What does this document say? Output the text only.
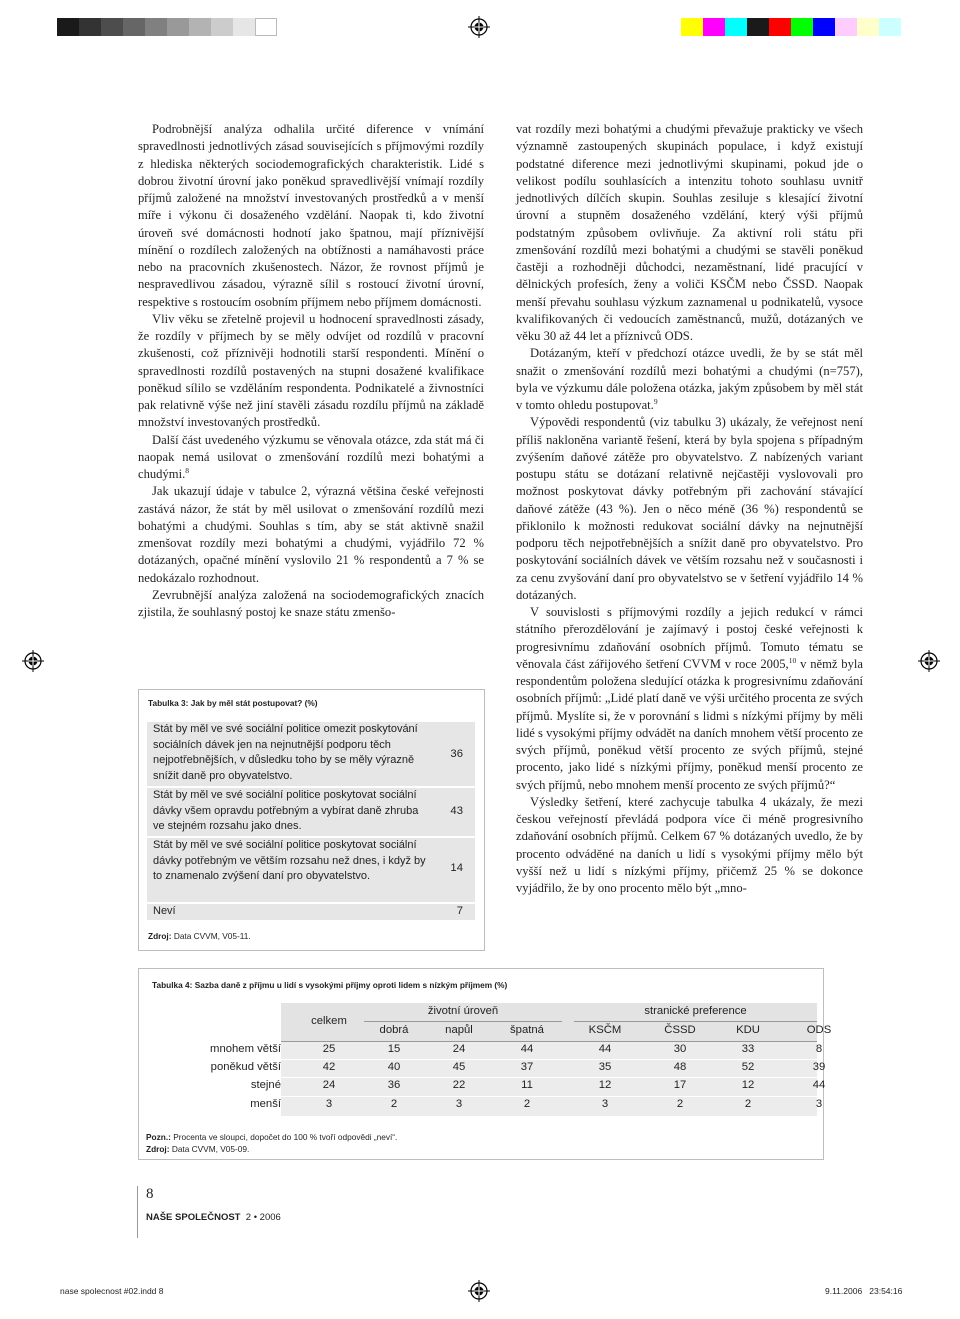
Podrobnější analýza odhalila určité diference v vnímání spravedlnosti jednotlivých zásad souvisejících s příjmovými rozdíly z hlediska některých sociodemografických charakteristik. Lidé s dobrou životní úrovní jako poněkud spravedlivější vnímají rozdíly příjmů založené na množství investovaných prostředků a v menší míře i výkonu či dosaženého vzdělání. Naopak ti, kdo životní úroveň své domácnosti hodnotí jako špatnou, mají příznivější mínění o rozdílech založených na obtížnosti a namáhavosti práce nebo na pracovních zkušenostech. Názor, že rovnost příjmů je nespravedlivou zásadou, výrazně sílil s rostoucí životní úrovní, respektive s rostoucím osobním příjmem nebo příjmem domácnosti.

Vliv věku se zřetelně projevil u hodnocení spravedlnosti zásady, že rozdíly v příjmech by se měly odvíjet od rozdílů v pracovní zkušenosti, což příznivěji hodnotili starší respondenti. Mínění o spravedlnosti rozdílů postavených na stupni dosažené kvalifikace poněkud sílilo se vzděláním respondenta. Podnikatelé a živnostníci pak relativně výše než jiní stavěli zásadu rozdílu příjmů na základě množství investovaných prostředků.

Další část uvedeného výzkumu se věnovala otázce, zda stát má či naopak nemá usilovat o zmenšování rozdílů mezi bohatými a chudými.$^8$

Jak ukazují údaje v tabulce 2, výrazná většina české veřejnosti zastává názor, že stát by měl usilovat o zmenšování rozdílů mezi bohatými a chudými. Souhlas s tím, aby se stát aktivně snažil zmenšovat rozdíly mezi bohatými a chudými, vyjádřilo 72 % dotázaných, opačné mínění vyslovilo 21 % respondentů a 7 % se nedokázalo rozhodnout.

Zevrubnější analýza založená na sociodemografických znacích zjistila, že souhlasný postoj ke snaze státu zmenšo-

Tabulka 3: Jak by měl stát postupovat? (%)
Stát by měl ve své sociální politice omezit poskytování sociálních dávek jen na nejnutnější podporu těch nejpotřebnějších, v důsledku toho by se měly výrazně snížit daně pro obyvatelstvo.
36
Stát by měl ve své sociální politice poskytovat sociální dávky všem opravdu potřebným a vybírat daně zhruba ve stejném rozsahu jako dnes.
43
Stát by měl ve své sociální politice poskytovat sociální dávky potřebným ve větším rozsahu než dnes, i když by to znamenalo zvýšení daní pro obyvatelstvo.
14
Neví	7
Zdroj: Data CVVM, V05-11.

vat rozdíly mezi bohatými a chudými převažuje prakticky ve všech významně zastoupených skupinách populace, i když existují podstatné diference mezi jednotlivými skupinami, pokud jde o velikost podílu souhlasících a intenzitu tohoto souhlasu uvnitř jednotlivých dílčích skupin. Souhlas zesiluje s klesající životní úrovní a stupněm dosaženého vzdělání, který výši příjmů podstatným způsobem ovlivňuje. Za aktivní roli státu při zmenšování rozdílů mezi bohatými a chudými se stavěli poněkud častěji a rozhodněji důchodci, nezaměstnaní, lidé pracující v dělnických profesích, ženy a voliči KSČM nebo ČSSD. Naopak menší převahu souhlasu výzkum zaznamenal u podnikatelů, vysoce kvalifikovaných či vedoucích zaměstnanců, mužů, dotázaných ve věku 30 až 44 let a příznivců ODS.

Dotázaným, kteří v předchozí otázce uvedli, že by se stát měl snažit o zmenšování rozdílů mezi bohatými a chudými (n=757), byla ve výzkumu dále položena otázka, jakým způsobem by měl stát v tomto ohledu postupovat.$^9$

Výpovědi respondentů (viz tabulku 3) ukázaly, že veřejnost není příliš nakloněna variantě řešení, která by byla spojena s případným zvýšením daňové zátěže pro obyvatelstvo. Z nabízených variant postupu státu se dotázaní relativně nejčastěji vyslovovali pro možnost poskytovat dávky potřebným při zachování stávající daňové zátěže (43 %). Jen o něco méně (36 %) respondentů se přiklonilo k možnosti redukovat sociální dávky na nejnutnější podporu těch nejpotřebnějších a snížit daně pro obyvatelstvo. Pro poskytování sociálních dávek ve větším rozsahu než v současnosti i za cenu zvyšování daní pro obyvatelstvo se v šetření vyjádřilo 14 % dotázaných.

V souvislosti s příjmovými rozdíly a jejich redukcí v rámci státního přerozdělování je zajímavý i postoj české veřejnosti k progresivnímu zdaňování osobních příjmů. Tomuto tématu se věnovala část zářijového šetření CVVM v roce 2005,10 v němž byla respondentům položena sledující otázka k progresivnímu zdaňování osobních příjmů: „Lidé platí daně ve výši určitého procenta ze svých příjmů. Myslíte si, že v porovnání s lidmi s nízkými příjmy by měli lidé s vysokými příjmy odvádět na daních mnohem větší procento ze svých příjmů, poněkud větší procento ze svých příjmů, stejné procento, jako lidé s nízkými příjmy, poněkud menší procento ze svých příjmů, nebo mnohem menší procento ze svých příjmů?“

Výsledky šetření, které zachycuje tabulka 4 ukázaly, že mezi českou veřejností převládá podpora více či méně progresivního zdaňování osobních příjmů. Celkem 67 % dotázaných uvedlo, že by procento odváděné na daních u lidí s vysokými příjmy mělo být vyšší než u lidí s nízkými příjmy, přičemž 25 % se dokonce vyjádřilo, že by ono procento mělo být „mno-

Tabulka 4: Sazba daně z příjmu u lidí s vysokými příjmy oproti lidem s nízkým příjmem (%)
celkem
životní úroveň	stranické preference
dobrá	napůl	špatná	KSČM	ČSSD	KDU	ODS
mnohem větší	25	15	24	44	44	30	33	8
poněkud větší	42	40	45	37	35	48	52	39
stejné	24	36	22	11	12	17	12	44
menší	3	2	3	2	3	2	2	3
Pozn.: Procenta ve sloupci, dopočet do 100 % tvoří odpovědi „neví“.
Zdroj: Data CVVM, V05-09.
8
NAŠE SPOLEČNOST 2 • 2006
nase spolecnost #02.indd 8	9.11.2006   23:54:16
